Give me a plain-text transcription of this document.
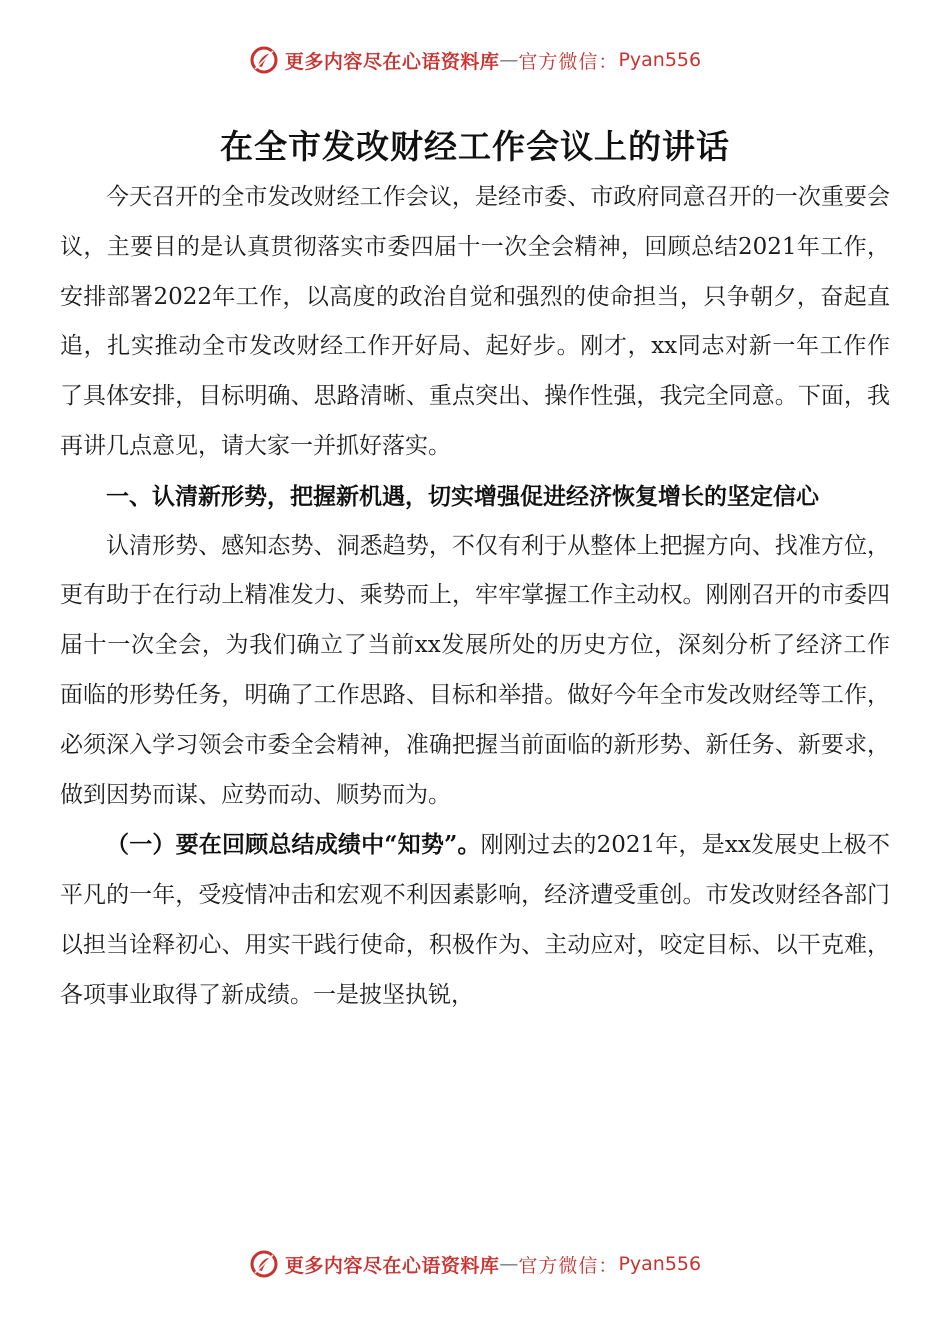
更多内容尽在心语资料库 — 官方微信： Pyan556
在全市发改财经工作会议上的讲话

今天召开的全市发改财经工作会议，是经市委、市政府同意召开的一次重要会议，主要目的是认真贯彻落实市委四届十一次全会精神，回顾总结2021年工作，安排部署2022年工作，以高度的政治自觉和强烈的使命担当，只争朝夕，奋起直追，扎实推动全市发改财经工作开好局、起好步。刚才，xx同志对新一年工作作了具体安排，目标明确、思路清晰、重点突出、操作性强，我完全同意。下面，我再讲几点意见，请大家一并抓好落实。

一、认清新形势，把握新机遇，切实增强促进经济恢复增长的坚定信心

认清形势、感知态势、洞悉趋势，不仅有利于从整体上把握方向、找准方位，更有助于在行动上精准发力、乘势而上，牢牢掌握工作主动权。刚刚召开的市委四届十一次全会，为我们确立了当前xx发展所处的历史方位，深刻分析了经济工作面临的形势任务，明确了工作思路、目标和举措。做好今年全市发改财经等工作，必须深入学习领会市委全会精神，准确把握当前面临的新形势、新任务、新要求，做到因势而谋、应势而动、顺势而为。

（一）要在回顾总结成绩中“知势”。刚刚过去的2021年，是xx发展史上极不平凡的一年，受疫情冲击和宏观不利因素影响，经济遭受重创。市发改财经各部门以担当诠释初心、用实干践行使命，积极作为、主动应对，咬定目标、以干克难，各项事业取得了新成绩。一是披坚执锐，

更多内容尽在心语资料库 — 官方微信： Pyan556
